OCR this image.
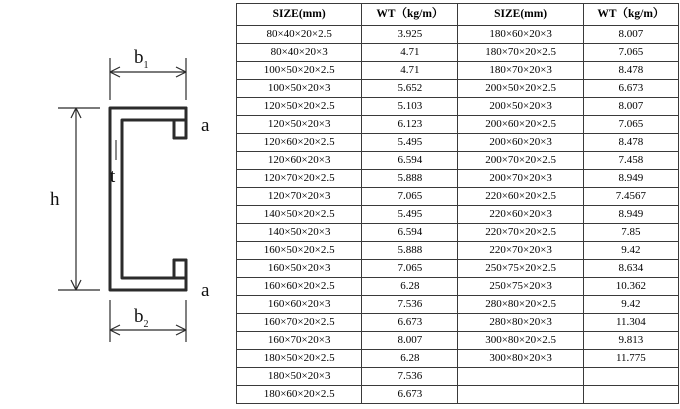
$b_1$
$b_2$
h
t
a
a
SIZE(mm)	WT（kg/m）	SIZE(mm)	WT（kg/m）
80×40×20×2.5	3.925	180×60×20×3	8.007
80×40×20×3	4.71	180×70×20×2.5	7.065
100×50×20×2.5	4.71	180×70×20×3	8.478
100×50×20×3	5.652	200×50×20×2.5	6.673
120×50×20×2.5	5.103	200×50×20×3	8.007
120×50×20×3	6.123	200×60×20×2.5	7.065
120×60×20×2.5	5.495	200×60×20×3	8.478
120×60×20×3	6.594	200×70×20×2.5	7.458
120×70×20×2.5	5.888	200×70×20×3	8.949
120×70×20×3	7.065	220×60×20×2.5	7.4567
140×50×20×2.5	5.495	220×60×20×3	8.949
140×50×20×3	6.594	220×70×20×2.5	7.85
160×50×20×2.5	5.888	220×70×20×3	9.42
160×50×20×3	7.065	250×75×20×2.5	8.634
160×60×20×2.5	6.28	250×75×20×3	10.362
160×60×20×3	7.536	280×80×20×2.5	9.42
160×70×20×2.5	6.673	280×80×20×3	11.304
160×70×20×3	8.007	300×80×20×2.5	9.813
180×50×20×2.5	6.28	300×80×20×3	11.775
180×50×20×3	7.536		
180×60×20×2.5	6.673		
